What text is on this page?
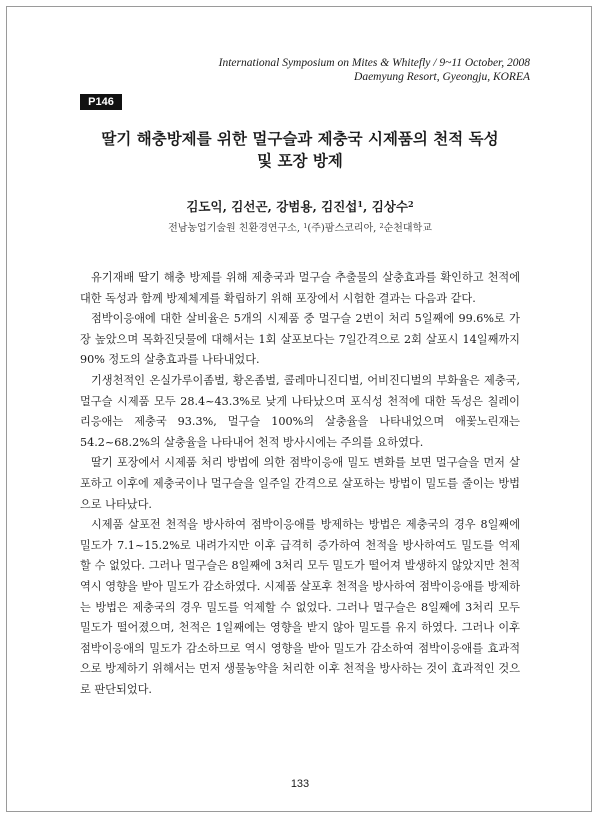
International Symposium on Mites & Whitefly / 9~11 October, 2008
Daemyung Resort, Gyeongju, KOREA
P146
딸기 해충방제를 위한 멀구슬과 제충국 시제품의 천적 독성
및 포장 방제
김도익, 김선곤, 강범용, 김진섭$^1$, 김상수$^2$
전남농업기술원 친환경연구소, $^1$(주)팜스코리아, $^2$순천대학교

유기재배 딸기 해충 방제를 위해 제충국과 멀구슬 추출물의 살충효과를 확인하고 천적에 대한 독성과 함께 방제체계를 확립하기 위해 포장에서 시험한 결과는 다음과 같다.

점박이응애에 대한 살비율은 5개의 시제품 중 멀구슬 2번이 처리 5일째에 99.6%로 가장 높았으며 목화진딧물에 대해서는 1회 살포보다는 7일간격으로 2회 살포시 14일째까지 90% 정도의 살충효과를 나타내었다.

기생천적인 온실가루이좀벌, 황온좀벌, 콜레마니진디벌, 어비진디벌의 부화율은 제충국, 멀구슬 시제품 모두 28.4~43.3%로 낮게 나타났으며 포식성 천적에 대한 독성은 칠레이리응애는 제충국 93.3%, 멀구슬 100%의 살충율을 나타내었으며 애꽃노린재는 54.2~68.2%의 살충율을 나타내어 천적 방사시에는 주의를 요하였다.

딸기 포장에서 시제품 처리 방법에 의한 점박이응애 밀도 변화를 보면 멀구슬을 먼저 살포하고 이후에 제충국이나 멀구슬을 일주일 간격으로 살포하는 방법이 밀도를 줄이는 방법으로 나타났다.

시제품 살포전 천적을 방사하여 점박이응애를 방제하는 방법은 제충국의 경우 8일째에 밀도가 7.1~15.2%로 내려가지만 이후 급격히 증가하여 천적을 방사하여도 밀도를 억제할 수 없었다. 그러나 멀구슬은 8일째에 3처리 모두 밀도가 떨어져 발생하지 않았지만 천적 역시 영향을 받아 밀도가 감소하였다. 시제품 살포후 천적을 방사하여 점박이응애를 방제하는 방법은 제충국의 경우 밀도를 억제할 수 없었다. 그러나 멀구슬은 8일째에 3처리 모두 밀도가 떨어졌으며, 천적은 1일째에는 영향을 받지 않아 밀도를 유지 하였다. 그러나 이후 점박이응애의 밀도가 감소하므로 역시 영향을 받아 밀도가 감소하여 점박이응애를 효과적으로 방제하기 위해서는 먼저 생물농약을 처리한 이후 천적을 방사하는 것이 효과적인 것으로 판단되었다.

133
